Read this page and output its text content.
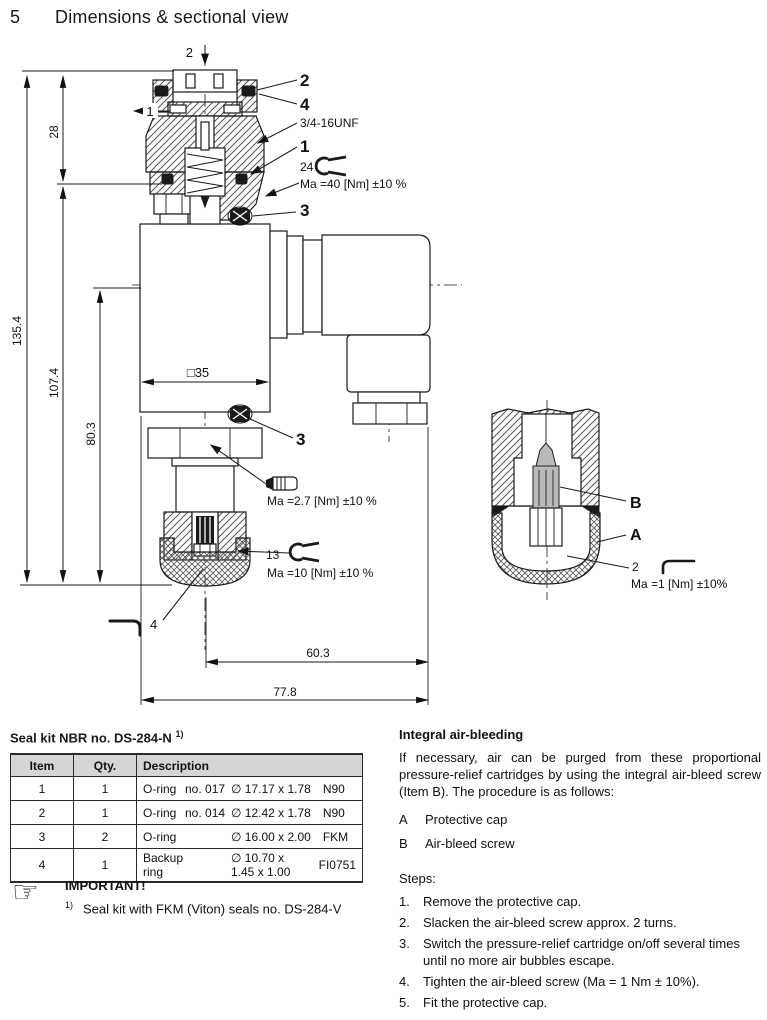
5 Dimensions & sectional view
28
135.4
107.4
80.3
□35
60.3
77.8
2
1
2
4
3/4-16UNF
1
24
Ma =40 [Nm] ±10 %
3
3
Ma =2.7 [Nm] ±10 %
13
Ma =10 [Nm] ±10 %
4
B
A
2
Ma =1 [Nm] ±10%
Seal kit NBR no. DS-284-N $^{1)}$
Item	Qty.	Description
1	1	O-ring no. 017 ∅ 17.17 x 1.78 N90

2	1	O-ring no. 014 ∅ 12.42 x 1.78 N90

3	2	O-ring ∅ 16.00 x 2.00 FKM

4	1	Backup ring
∅ 10.70 x 1.45 x 1.00 FI0751
☞ IMPORTANT!
$^{1)}$ Seal kit with FKM (Viton) seals no. DS-284-V
Integral air-bleeding

If necessary, air can be purged from these proportional pressure-relief cartridges by using the integral air-bleed screw (Item B). The procedure is as follows:

A	Protective cap
B	Air-bleed screw
Steps:
1.	Remove the protective cap.
2.	Slacken the air-bleed screw approx. 2 turns.
3.	Switch the pressure-relief cartridge on/off several times until no more air bubbles escape.
4.	Tighten the air-bleed screw (Ma = 1 Nm ± 10%).
5.	Fit the protective cap.
